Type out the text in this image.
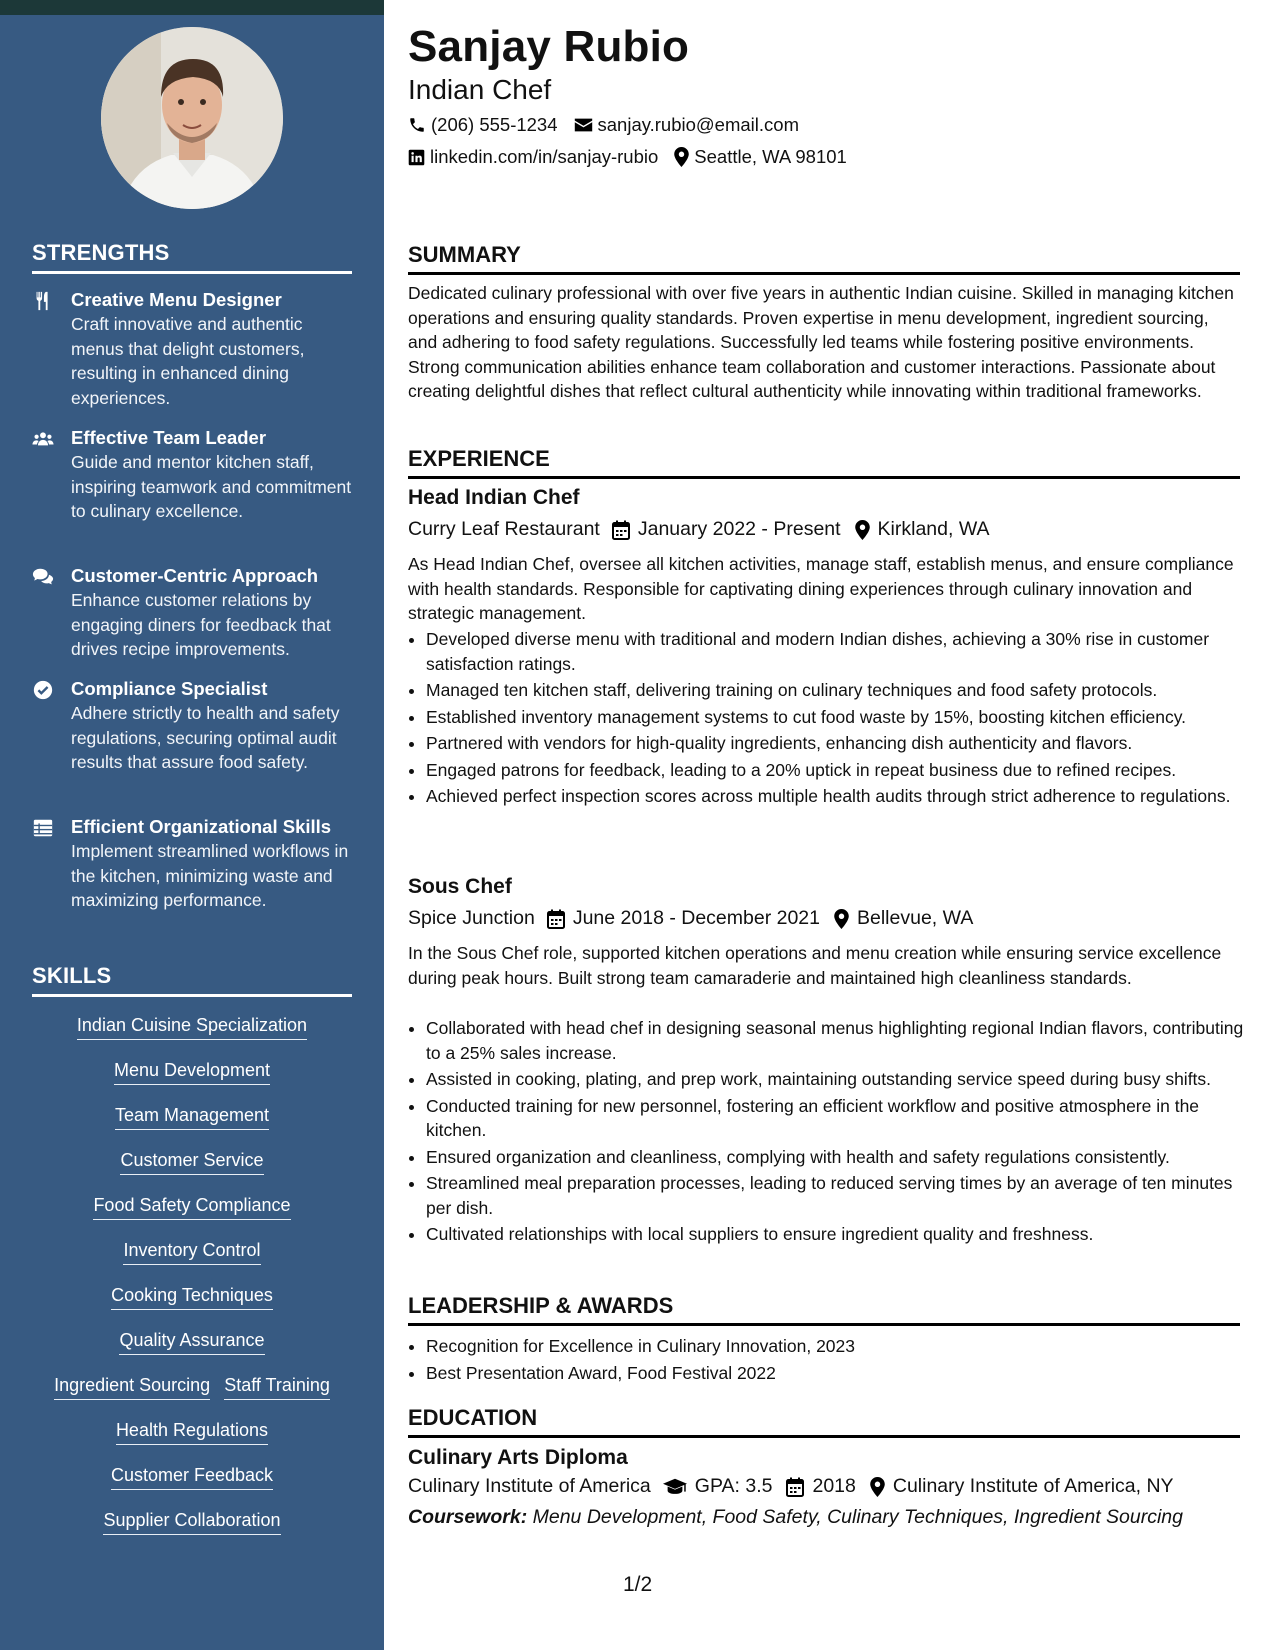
STRENGTHS
Creative Menu Designer
Craft innovative and authentic menus that delight customers, resulting in enhanced dining experiences.
Effective Team Leader
Guide and mentor kitchen staff, inspiring teamwork and commitment to culinary excellence.
Customer-Centric Approach
Enhance customer relations by engaging diners for feedback that drives recipe improvements.
Compliance Specialist
Adhere strictly to health and safety regulations, securing optimal audit results that assure food safety.
Efficient Organizational Skills
Implement streamlined workflows in the kitchen, minimizing waste and maximizing performance.
SKILLS
Indian Cuisine Specialization
Menu Development
Team Management
Customer Service
Food Safety Compliance
Inventory Control
Cooking Techniques
Quality Assurance
Ingredient Sourcing Staff Training
Health Regulations
Customer Feedback
Supplier Collaboration
Sanjay Rubio
Indian Chef
(206) 555-1234 sanjay.rubio@email.com
linkedin.com/in/sanjay-rubio Seattle, WA 98101
SUMMARY
Dedicated culinary professional with over five years in authentic Indian cuisine. Skilled in managing kitchen operations and ensuring quality standards. Proven expertise in menu development, ingredient sourcing, and adhering to food safety regulations. Successfully led teams while fostering positive environments. Strong communication abilities enhance team collaboration and customer interactions. Passionate about creating delightful dishes that reflect cultural authenticity while innovating within traditional frameworks.
EXPERIENCE
Head Indian Chef
Curry Leaf Restaurant January 2022 - Present Kirkland, WA
As Head Indian Chef, oversee all kitchen activities, manage staff, establish menus, and ensure compliance with health standards. Responsible for captivating dining experiences through culinary innovation and strategic management.
• Developed diverse menu with traditional and modern Indian dishes, achieving a 30% rise in customer satisfaction ratings.
• Managed ten kitchen staff, delivering training on culinary techniques and food safety protocols.
• Established inventory management systems to cut food waste by 15%, boosting kitchen efficiency.
• Partnered with vendors for high-quality ingredients, enhancing dish authenticity and flavors.
• Engaged patrons for feedback, leading to a 20% uptick in repeat business due to refined recipes.
• Achieved perfect inspection scores across multiple health audits through strict adherence to regulations.
Sous Chef
Spice Junction June 2018 - December 2021 Bellevue, WA
In the Sous Chef role, supported kitchen operations and menu creation while ensuring service excellence during peak hours. Built strong team camaraderie and maintained high cleanliness standards.
• Collaborated with head chef in designing seasonal menus highlighting regional Indian flavors, contributing to a 25% sales increase.
• Assisted in cooking, plating, and prep work, maintaining outstanding service speed during busy shifts.
• Conducted training for new personnel, fostering an efficient workflow and positive atmosphere in the kitchen.
• Ensured organization and cleanliness, complying with health and safety regulations consistently.
• Streamlined meal preparation processes, leading to reduced serving times by an average of ten minutes per dish.
• Cultivated relationships with local suppliers to ensure ingredient quality and freshness.
LEADERSHIP & AWARDS
• Recognition for Excellence in Culinary Innovation, 2023
• Best Presentation Award, Food Festival 2022
EDUCATION
Culinary Arts Diploma
Culinary Institute of America GPA: 3.5 2018 Culinary Institute of America, NY
Coursework: Menu Development, Food Safety, Culinary Techniques, Ingredient Sourcing
1/2
